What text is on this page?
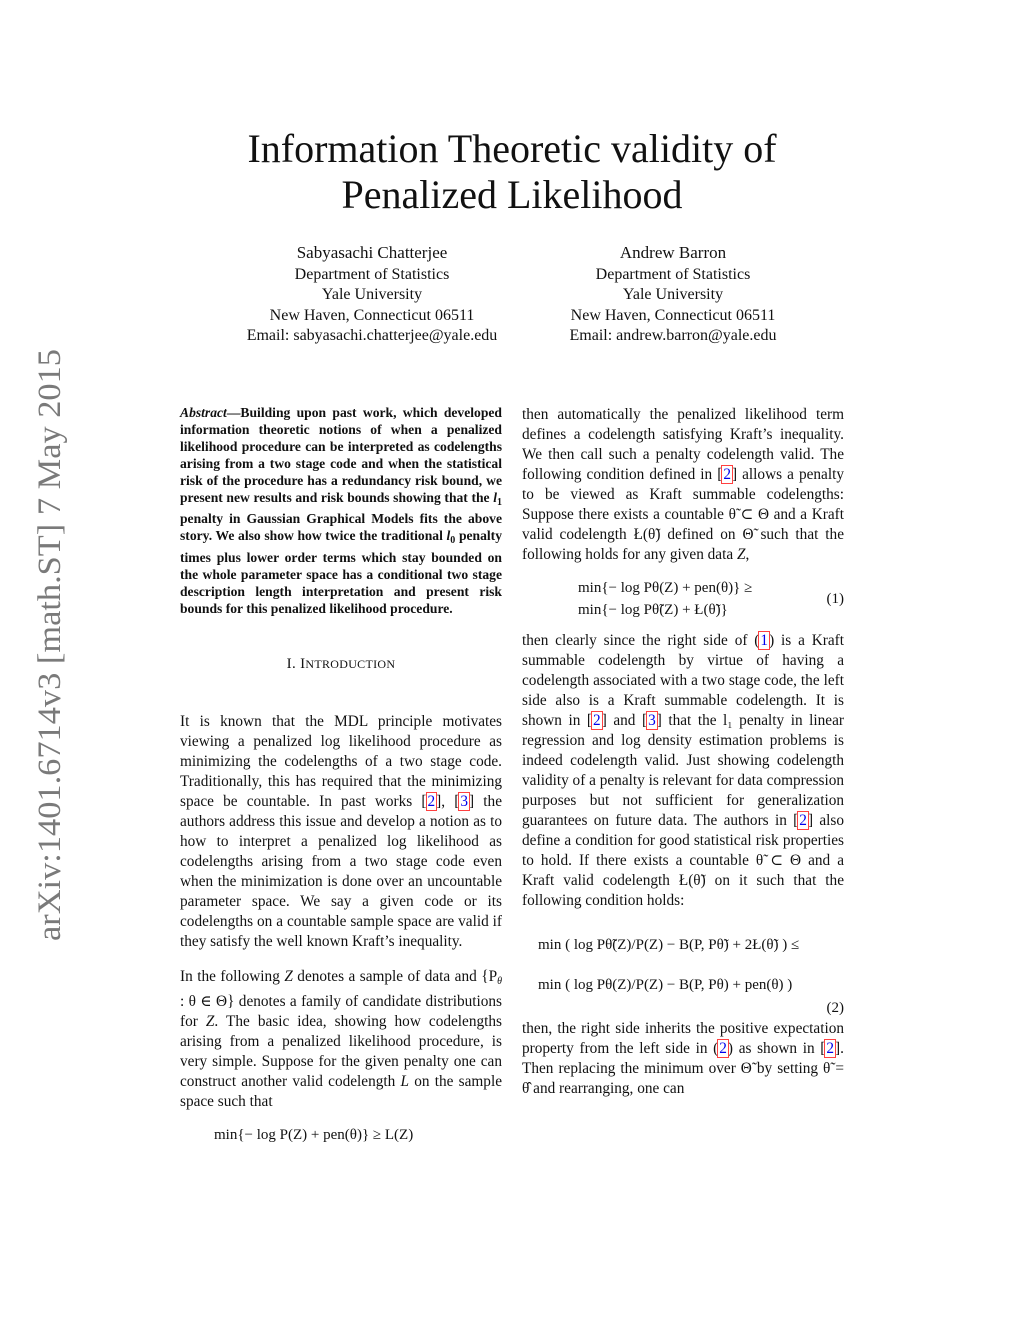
arXiv:1401.6714v3 [math.ST] 7 May 2015
Information Theoretic validity of
Penalized Likelihood
Sabyasachi Chatterjee
Department of Statistics
Yale University
New Haven, Connecticut 06511
Email: sabyasachi.chatterjee@yale.edu
Andrew Barron
Department of Statistics
Yale University
New Haven, Connecticut 06511
Email: andrew.barron@yale.edu

Abstract—Building upon past work, which developed information theoretic notions of when a penalized likelihood procedure can be interpreted as codelengths arising from a two stage code and when the statistical risk of the procedure has a redundancy risk bound, we present new results and risk bounds showing that the $l_1$ penalty in Gaussian Graphical Models fits the above story. We also show how twice the traditional $l_0$ penalty times plus lower order terms which stay bounded on the whole parameter space has a conditional two stage description length interpretation and present risk bounds for this penalized likelihood procedure.

I. INTRODUCTION

It is known that the MDL principle motivates viewing a penalized log likelihood procedure as minimizing the codelengths of a two stage code. Traditionally, this has required that the minimizing space be countable. In past works [2], [3] the authors address this issue and develop a notion as to how to interpret a penalized log likelihood as codelengths arising from a two stage code even when the minimization is done over an uncountable parameter space. We say a given code or its codelengths on a countable sample space are valid if they satisfy the well known Kraft’s inequality.

In the following Z denotes a sample of data and {$P_\theta$ : θ ∈ Θ} denotes a family of candidate distributions for Z. The basic idea, showing how codelengths arising from a penalized likelihood procedure, is very simple. Suppose for the given penalty one can construct another valid codelength L on the sample space such that

min{− log P(Z) + pen(θ)} ≥ L(Z)

then automatically the penalized likelihood term defines a codelength satisfying Kraft’s inequality. We then call such a penalty codelength valid. The following condition defined in [2] allows a penalty to be viewed as Kraft summable codelengths: Suppose there exists a countable θ̃ ⊂ Θ and a Kraft valid codelength Ł(θ̃) defined on Θ̃ such that the following holds for any given data Z,

min{− log Pθ(Z) + pen(θ)} ≥
min{− log Pθ̃(Z) + Ł(θ̃)}
(1)

then clearly since the right side of (1) is a Kraft summable codelength by virtue of having a codelength associated with a two stage code, the left side also is a Kraft summable codelength. It is shown in [2] and [3] that the l₁ penalty in linear regression and log density estimation problems is indeed codelength valid. Just showing codelength validity of a penalty is relevant for data compression purposes but not sufficient for generalization guarantees on future data. The authors in [2] also define a condition for good statistical risk properties to hold. If there exists a countable θ̃ ⊂ Θ and a Kraft valid codelength Ł(θ̃) on it such that the following condition holds:

min ( log Pθ̃(Z)/P(Z) − B(P, Pθ̃) + 2Ł(θ̃) ) ≤
min ( log Pθ(Z)/P(Z) − B(P, Pθ) + pen(θ) )
(2)

then, the right side inherits the positive expectation property from the left side in (2) as shown in [2]. Then replacing the minimum over Θ̃ by setting θ̃ = θ̂ and rearranging, one can
